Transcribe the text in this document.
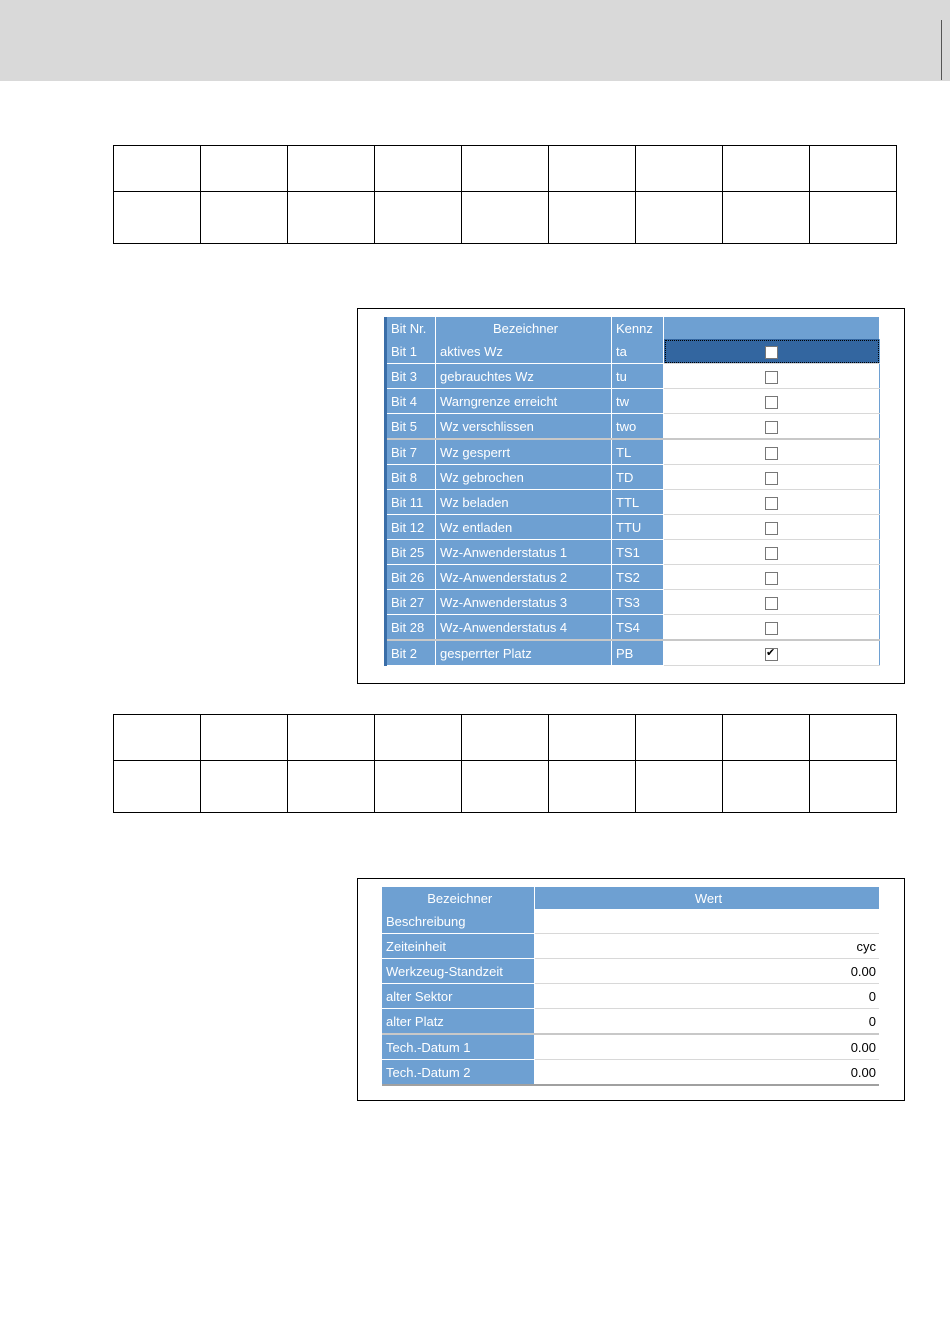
Bit Nr.	Bezeichner	Kennz	
Bit 1	aktives Wz	ta	
Bit 3	gebrauchtes Wz	tu	
Bit 4	Warngrenze erreicht	tw	
Bit 5	Wz verschlissen	two	
Bit 7	Wz gesperrt	TL	
Bit 8	Wz gebrochen	TD	
Bit 11	Wz beladen	TTL	
Bit 12	Wz entladen	TTU	
Bit 25	Wz-Anwenderstatus 1	TS1	
Bit 26	Wz-Anwenderstatus 2	TS2	
Bit 27	Wz-Anwenderstatus 3	TS3	
Bit 28	Wz-Anwenderstatus 4	TS4	
Bit 2	gesperrter Platz	PB	✔

Bezeichner	Wert
Beschreibung	
Zeiteinheit	cyc
Werkzeug-Standzeit	0.00
alter Sektor	0
alter Platz	0
Tech.-Datum 1	0.00
Tech.-Datum 2	0.00
